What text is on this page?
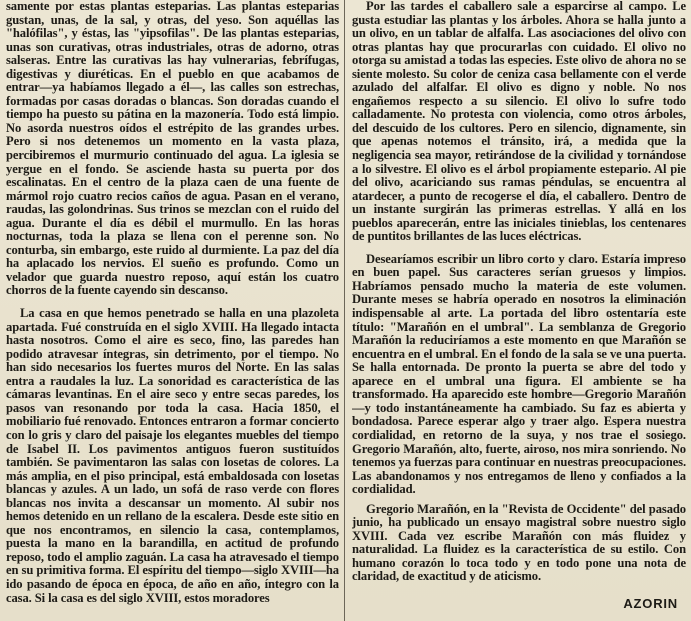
samente por estas plantas esteparias. Las plantas esteparias gustan, unas, de la sal, y otras, del yeso. Son aquéllas las "halófilas", y éstas, las "yipsofilas". De las plantas esteparias, unas son curativas, otras industriales, otras de adorno, otras salseras. Entre las curativas las hay vulnerarias, febrífugas, digestivas y diuréticas. En el pueblo en que acabamos de entrar—ya habíamos llegado a él—, las calles son estrechas, formadas por casas doradas o blancas. Son doradas cuando el tiempo ha puesto su pátina en la mazonería. Todo está limpio. No asorda nuestros oídos el estrépito de las grandes urbes. Pero si nos detenemos un momento en la vasta plaza, percibiremos el murmurio continuado del agua. La iglesia se yergue en el fondo. Se asciende hasta su puerta por dos escalinatas. En el centro de la plaza caen de una fuente de mármol rojo cuatro recios caños de agua. Pasan en el verano, raudas, las golondrinas. Sus trinos se mezclan con el ruido del agua. Durante el día es débil el murmullo. En las horas nocturnas, toda la plaza se llena con el perenne son. No conturba, sin embargo, este ruido al durmiente. La paz del día ha aplacado los nervios. El sueño es profundo. Como un velador que guarda nuestro reposo, aquí están los cuatro chorros de la fuente cayendo sin descanso.

La casa en que hemos penetrado se halla en una plazoleta apartada. Fué construída en el siglo XVIII. Ha llegado intacta hasta nosotros. Como el aire es seco, fino, las paredes han podido atravesar íntegras, sin detrimento, por el tiempo. No han sido necesarios los fuertes muros del Norte. En las salas entra a raudales la luz. La sonoridad es característica de las cámaras levantinas. En el aire seco y entre secas paredes, los pasos van resonando por toda la casa. Hacia 1850, el mobiliario fué renovado. Entonces entraron a formar concierto con lo gris y claro del paisaje los elegantes muebles del tiempo de Isabel II. Los pavimentos antiguos fueron sustituídos también. Se pavimentaron las salas con losetas de colores. La más amplia, en el piso principal, está embaldosada con losetas blancas y azules. A un lado, un sofá de raso verde con flores blancas nos invita a descansar un momento. Al subir nos hemos detenido en un rellano de la escalera. Desde este sitio en que nos encontramos, en silencio la casa, contemplamos, puesta la mano en la barandilla, en actitud de profundo reposo, todo el amplio zaguán. La casa ha atravesado el tiempo en su primitiva forma. El espíritu del tiempo—siglo XVIII—ha ido pasando de época en época, de año en año, íntegro con la casa. Si la casa es del siglo XVIII, estos moradores

Por las tardes el caballero sale a esparcirse al campo. Le gusta estudiar las plantas y los árboles. Ahora se halla junto a un olivo, en un tablar de alfalfa. Las asociaciones del olivo con otras plantas hay que procurarlas con cuidado. El olivo no otorga su amistad a todas las especies. Este olivo de ahora no se siente molesto. Su color de ceniza casa bellamente con el verde azulado del alfalfar. El olivo es digno y noble. No nos engañemos respecto a su silencio. El olivo lo sufre todo calladamente. No protesta con violencia, como otros árboles, del descuido de los cultores. Pero en silencio, dignamente, sin que apenas notemos el tránsito, irá, a medida que la negligencia sea mayor, retirándose de la civilidad y tornándose a lo silvestre. El olivo es el árbol propiamente estepario. Al pie del olivo, acariciando sus ramas péndulas, se encuentra al atardecer, a punto de recogerse el día, el caballero. Dentro de un instante surgirán las primeras estrellas. Y allá en los pueblos aparecerán, entre las iniciales tinieblas, los centenares de puntitos brillantes de las luces eléctricas.

Desearíamos escribir un libro corto y claro. Estaría impreso en buen papel. Sus caracteres serían gruesos y limpios. Habríamos pensado mucho la materia de este volumen. Durante meses se habría operado en nosotros la eliminación indispensable al arte. La portada del libro ostentaría este título: "Marañón en el umbral". La semblanza de Gregorio Marañón la reduciríamos a este momento en que Marañón se encuentra en el umbral. En el fondo de la sala se ve una puerta. Se halla entornada. De pronto la puerta se abre del todo y aparece en el umbral una figura. El ambiente se ha transformado. Ha aparecido este hombre—Gregorio Marañón—y todo instantáneamente ha cambiado. Su faz es abierta y bondadosa. Parece esperar algo y traer algo. Espera nuestra cordialidad, en retorno de la suya, y nos trae el sosiego. Gregorio Marañón, alto, fuerte, airoso, nos mira sonriendo. No tenemos ya fuerzas para continuar en nuestras preocupaciones. Las abandonamos y nos entregamos de lleno y confiados a la cordialidad.

Gregorio Marañón, en la "Revista de Occidente" del pasado junio, ha publicado un ensayo magistral sobre nuestro siglo XVIII. Cada vez escribe Marañón con más fluidez y naturalidad. La fluidez es la característica de su estilo. Con humano corazón lo toca todo y en todo pone una nota de claridad, de exactitud y de aticismo.

AZORIN
